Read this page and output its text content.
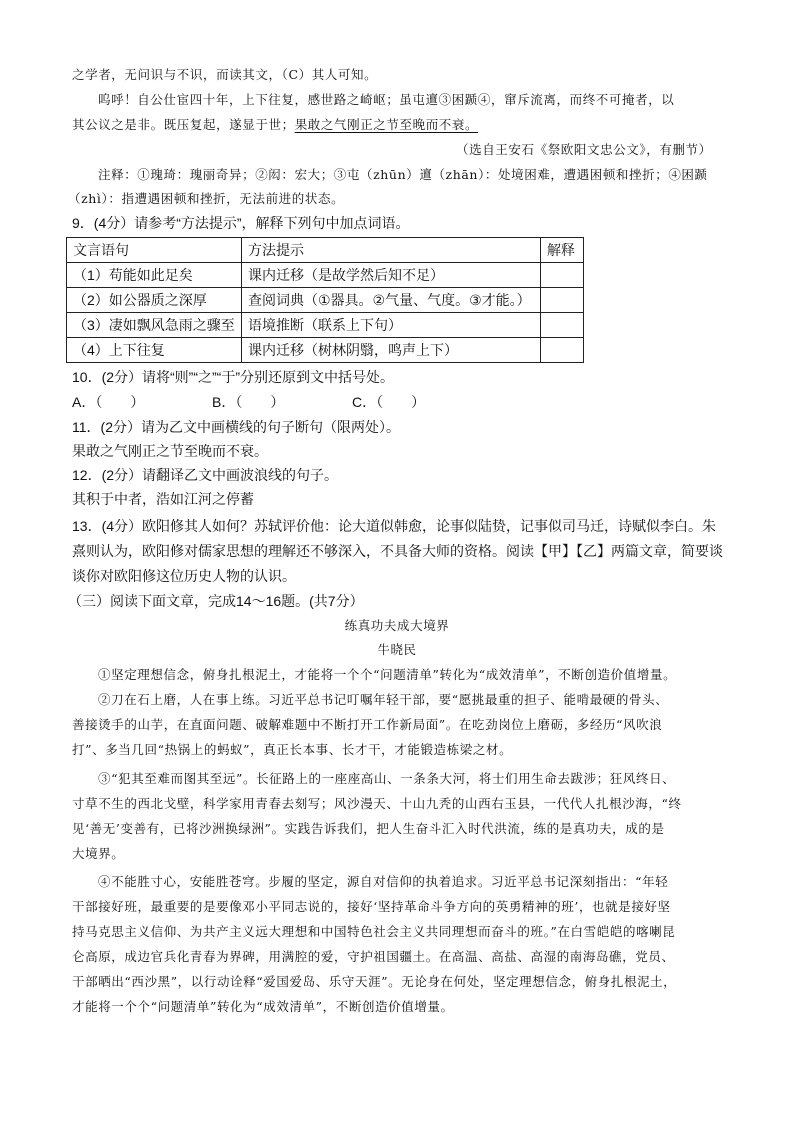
之学者，无问识与不识，而读其文，（C）其人可知。
呜呼！自公仕宦四十年，上下往复，感世路之崎岖；虽屯邅③困踬④，窜斥流离，而终不可掩者，以
其公议之是非。既压复起，遂显于世；果敢之气刚正之节至晚而不衰。
（选自王安石《祭欧阳文忠公文》，有删节）
注释：①瑰琦：瑰丽奇异；②闳：宏大；③屯（zhūn）邅（zhān）：处境困难，遭遇困顿和挫折；④困踬
（zhì）：指遭遇困顿和挫折，无法前进的状态。
9．(4分）请参考“方法提示”，解释下列句中加点词语。
文言语句	方法提示	解释
（1）苟能如此足矣	课内迁移（是故学然后知不足）	
（2）如公器质之深厚	查阅词典（①器具。②气量、气度。③才能。）	
（3）凄如飘风急雨之骤至	语境推断（联系上下句）	
（4）上下往复	课内迁移（树林阴翳，鸣声上下）	
10．(2分）请将“则”“之”“于”分别还原到文中括号处。
A．（　　）	B．（　　）	C．（　　）
11．(2分）请为乙文中画横线的句子断句（限两处）。
果敢之气刚正之节至晚而不衰。
12．(2分）请翻译乙文中画波浪线的句子。
其积于中者，浩如江河之停蓄
13．(4分）欧阳修其人如何？苏轼评价他：论大道似韩愈，论事似陆贽，记事似司马迁，诗赋似李白。朱
熹则认为，欧阳修对儒家思想的理解还不够深入，不具备大师的资格。阅读【甲】【乙】两篇文章，简要谈
谈你对欧阳修这位历史人物的认识。
（三）阅读下面文章，完成14～16题。(共7分）
练真功夫成大境界
牛晓民
①坚定理想信念，俯身扎根泥土，才能将一个个“问题清单”转化为“成效清单”，不断创造价值增量。
②刀在石上磨，人在事上练。习近平总书记叮嘱年轻干部，要“愿挑最重的担子、能啃最硬的骨头、
善接烫手的山芋，在直面问题、破解难题中不断打开工作新局面”。在吃劲岗位上磨砺，多经历“风吹浪
打”、多当几回“热锅上的蚂蚁”，真正长本事、长才干，才能锻造栋梁之材。
③“犯其至难而图其至远”。长征路上的一座座高山、一条条大河，将士们用生命去跋涉；狂风终日、
寸草不生的西北戈壁，科学家用青春去刻写；风沙漫天、十山九秃的山西右玉县，一代代人扎根沙海，“终
见‘善无’变善有，已将沙洲换绿洲”。实践告诉我们，把人生奋斗汇入时代洪流，练的是真功夫，成的是
大境界。
④不能胜寸心，安能胜苍穹。步履的坚定，源自对信仰的执着追求。习近平总书记深刻指出：“年轻
干部接好班，最重要的是要像邓小平同志说的，接好‘坚持革命斗争方向的英勇精神的班’，也就是接好坚
持马克思主义信仰、为共产主义远大理想和中国特色社会主义共同理想而奋斗的班。”在白雪皑皑的喀喇昆
仑高原，成边官兵化青春为界碑，用满腔的爱，守护祖国疆土。在高温、高盐、高湿的南海岛礁，党员、
干部晒出“西沙黑”，以行动诠释“爱国爱岛、乐守天涯”。无论身在何处，坚定理想信念，俯身扎根泥土，
才能将一个个“问题清单”转化为“成效清单”，不断创造价值增量。
